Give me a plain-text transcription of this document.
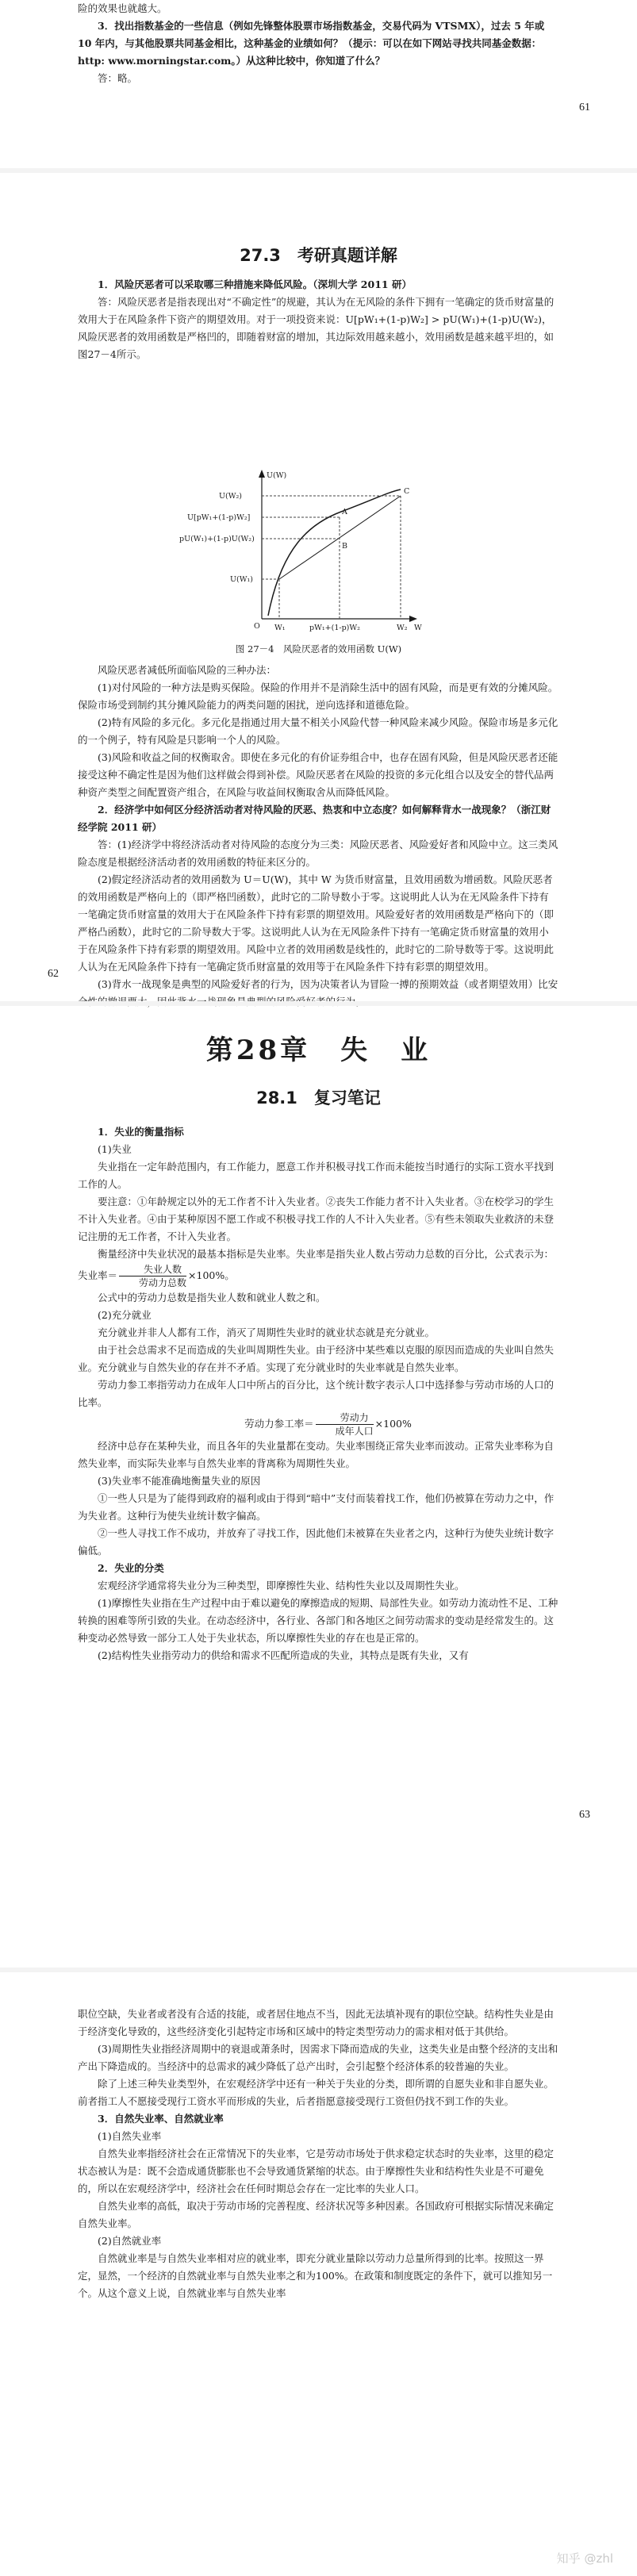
险的效果也就越大。

3．找出指数基金的一些信息（例如先锋整体股票市场指数基金，交易代码为 VTSMX），过去 5 年或 10 年内，与其他股票共同基金相比，这种基金的业绩如何？（提示：可以在如下网站寻找共同基金数据：http: www.morningstar.com。）从这种比较中，你知道了什么？

答：略。

61
27.3　考研真题详解

1．风险厌恶者可以采取哪三种措施来降低风险。（深圳大学 2011 研）

答：风险厌恶者是指表现出对“不确定性”的规避，其认为在无风险的条件下拥有一笔确定的货币财富量的效用大于在风险条件下资产的期望效用。对于一项投资来说：U[pW₁+(1-p)W₂] > pU(W₁)+(1-p)U(W₂)，风险厌恶者的效用函数是严格凹的，即随着财富的增加，其边际效用越来越小，效用函数是越来越平坦的，如图27－4所示。

U(W)
U(W₂)
U[pW₁+(1-p)W₂]
pU(W₁)+(1-p)U(W₂)
U(W₁)
A
B
C
W₁	pW₁+(1-p)W₂	W₂
O	W
图 27－4　风险厌恶者的效用函数 U(W)

风险厌恶者减低所面临风险的三种办法：

(1)对付风险的一种方法是购买保险。保险的作用并不是消除生活中的固有风险，而是更有效的分摊风险。保险市场受到制约其分摊风险能力的两类问题的困扰，逆向选择和道德危险。

(2)特有风险的多元化。多元化是指通过用大量不相关小风险代替一种风险来减少风险。保险市场是多元化的一个例子，特有风险是只影响一个人的风险。

(3)风险和收益之间的权衡取舍。即使在多元化的有价证券组合中，也存在固有风险，但是风险厌恶者还能接受这种不确定性是因为他们这样做会得到补偿。风险厌恶者在风险的投资的多元化组合以及安全的替代品两种资产类型之间配置资产组合，在风险与收益间权衡取舍从而降低风险。

2．经济学中如何区分经济活动者对待风险的厌恶、热衷和中立态度？如何解释背水一战现象？（浙江财经学院 2011 研）

答：(1)经济学中将经济活动者对待风险的态度分为三类：风险厌恶者、风险爱好者和风险中立。这三类风险态度是根据经济活动者的效用函数的特征来区分的。

(2)假定经济活动者的效用函数为 U＝U(W)，其中 W 为货币财富量，且效用函数为增函数。风险厌恶者的效用函数是严格向上的（即严格凹函数），此时它的二阶导数小于零。这说明此人认为在无风险条件下持有一笔确定货币财富量的效用大于在风险条件下持有彩票的期望效用。风险爱好者的效用函数是严格向下的（即严格凸函数），此时它的二阶导数大于零。这说明此人认为在无风险条件下持有一笔确定货币财富量的效用小于在风险条件下持有彩票的期望效用。风险中立者的效用函数是线性的，此时它的二阶导数等于零。这说明此人认为在无风险条件下持有一笔确定货币财富量的效用等于在风险条件下持有彩票的期望效用。

(3)背水一战现象是典型的风险爱好者的行为，因为决策者认为冒险一搏的预期效益（或者期望效用）比安

62
第28章　失　业
28.1　复习笔记

1．失业的衡量指标

(1)失业

失业指在一定年龄范围内，有工作能力，愿意工作并积极寻找工作而未能按当时通行的实际工资水平找到工作的人。

要注意：①年龄规定以外的无工作者不计入失业者。②丧失工作能力者不计入失业者。③在校学习的学生不计入失业者。④由于某种原因不愿工作或不积极寻找工作的人不计入失业者。⑤有些未领取失业救济的未登记注册的无工作者，不计入失业者。

衡量经济中失业状况的最基本指标是失业率。失业率是指失业人数占劳动力总数的百分比，公式表示为：失业率＝ $\frac{\text{失业人数}}{\text{劳动力总数}} \times 100\%$。

公式中的劳动力总数是指失业人数和就业人数之和。

(2)充分就业

充分就业并非人人都有工作，消灭了周期性失业时的就业状态就是充分就业。

由于社会总需求不足而造成的失业叫周期性失业。由于经济中某些难以克服的原因而造成的失业叫自然失业。充分就业与自然失业的存在并不矛盾。实现了充分就业时的失业率就是自然失业率。

劳动力参工率指劳动力在成年人口中所占的百分比，这个统计数字表示人口中选择参与劳动市场的人口的比率。

劳动力参工率＝ $\frac{\text{劳动力}}{\text{成年人口}} \times 100\%$

经济中总存在某种失业，而且各年的失业量都在变动。失业率围绕正常失业率而波动。正常失业率称为自然失业率，而实际失业率与自然失业率的背离称为周期性失业。

(3)失业率不能准确地衡量失业的原因

①一些人只是为了能得到政府的福利或由于得到“暗中”支付而装着找工作，他们仍被算在劳动力之中，作为失业者。这种行为使失业统计数字偏高。

②一些人寻找工作不成功，并放弃了寻找工作，因此他们未被算在失业者之内，这种行为使失业统计数字偏低。

2．失业的分类

宏观经济学通常将失业分为三种类型，即摩擦性失业、结构性失业以及周期性失业。

(1)摩擦性失业指在生产过程中由于难以避免的摩擦造成的短期、局部性失业。如劳动力流动性不足、工种转换的困难等所引致的失业。在动态经济中，各行业、各部门和各地区之间劳动需求的变动是经常发生的。这种变动必然导致一部分工人处于失业状态，所以摩擦性失业的存在也是正常的。

(2)结构性失业指劳动力的供给和需求不匹配所造成的失业，其特点是既有失业，又有

63

职位空缺，失业者或者没有合适的技能，或者居住地点不当，因此无法填补现有的职位空缺。结构性失业是由于经济变化导致的，这些经济变化引起特定市场和区域中的特定类型劳动力的需求相对低于其供给。

(3)周期性失业指经济周期中的衰退或萧条时，因需求下降而造成的失业，这类失业是由整个经济的支出和产出下降造成的。当经济中的总需求的减少降低了总产出时，会引起整个经济体系的较普遍的失业。

除了上述三种失业类型外，在宏观经济学中还有一种关于失业的分类，即所谓的自愿失业和非自愿失业。前者指工人不愿接受现行工资水平而形成的失业，后者指愿意接受现行工资但仍找不到工作的失业。

3．自然失业率、自然就业率

(1)自然失业率

自然失业率指经济社会在正常情况下的失业率，它是劳动市场处于供求稳定状态时的失业率，这里的稳定状态被认为是：既不会造成通货膨胀也不会导致通货紧缩的状态。由于摩擦性失业和结构性失业是不可避免的，所以在宏观经济学中，经济社会在任何时期总会存在一定比率的失业人口。

自然失业率的高低，取决于劳动市场的完善程度、经济状况等多种因素。各国政府可根据实际情况来确定自然失业率。

(2)自然就业率

自然就业率是与自然失业率相对应的就业率，即充分就业量除以劳动力总量所得到的比率。按照这一界定，显然，一个经济的自然就业率与自然失业率之和为100%。在政策和制度既定的条件下，就可以推知另一个。从这个意义上说，自然就业率与自然失业率

知乎 @zhl
